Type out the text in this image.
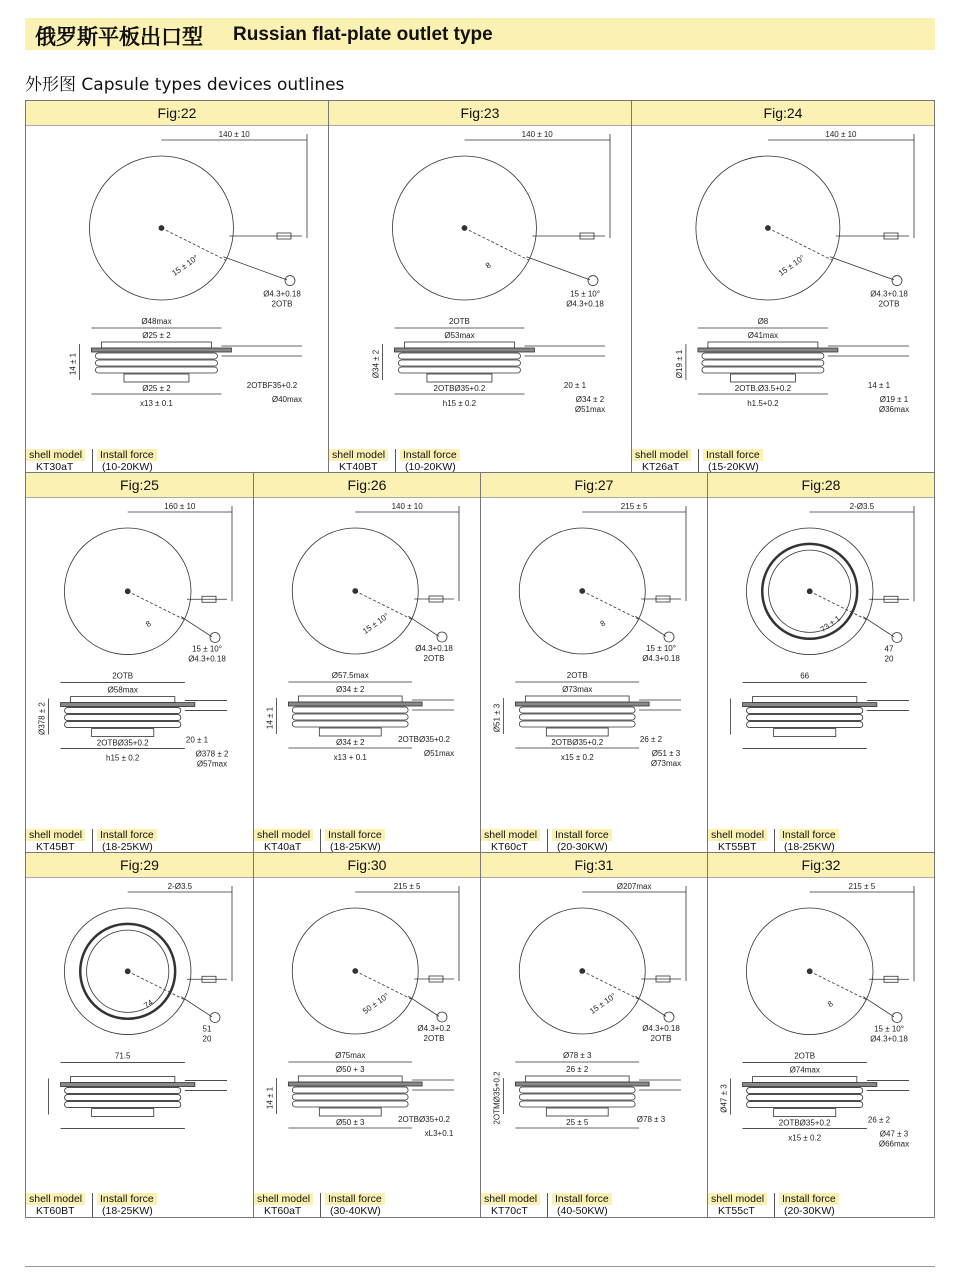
俄罗斯平板出口型 Russian flat-plate outlet type
外形图 Capsule types devices outlines
Fig:22
140 ± 10
15 ± 10°
Ø4.3+0.18
2OTB
Ø48max
Ø25 ± 2
14 ± 1
2OTBF35+0.2
Ø25 ± 2
Ø40max
x13 ± 0.1
shell model
KT30aT
Install force
(10-20KW)
Fig:23
140 ± 10
8
15 ± 10°
Ø4.3+0.18
2OTB
Ø53max
Ø34 ± 2
20 ± 1
2OTBØ35+0.2
Ø34 ± 2
h15 ± 0.2
Ø51max
shell model
KT40BT
Install force
(10-20KW)
Fig:24
140 ± 10
15 ± 10°
Ø4.3+0.18
2OTB
Ø8
Ø41max
Ø19 ± 1
14 ± 1
2OTB.Ø3.5+0.2
Ø19 ± 1
h1.5+0.2
Ø36max
shell model
KT26aT
Install force
(15-20KW)
Fig:25
160 ± 10
8
15 ± 10°
Ø4.3+0.18
2OTB
Ø58max
Ø378 ± 2
20 ± 1
2OTBØ35+0.2
Ø378 ± 2
h15 ± 0.2
Ø57max
shell model
KT45BT
Install force
(18-25KW)
Fig:26
140 ± 10
15 ± 10°
Ø4.3+0.18
2OTB
Ø57.5max
Ø34 ± 2
14 ± 1
2OTBØ35+0.2
Ø34 ± 2
Ø51max
x13 + 0.1
shell model
KT40aT
Install force
(18-25KW)
Fig:27
215 ± 5
8
15 ± 10°
Ø4.3+0.18
2OTB
Ø73max
Ø51 ± 3
26 ± 2
2OTBØ35+0.2
Ø51 ± 3
x15 ± 0.2
Ø73max
shell model
KT60cT
Install force
(20-30KW)
Fig:28
2-Ø3.5
73 ± 1
47
20
66
shell model
KT55BT
Install force
(18-25KW)
Fig:29
2-Ø3.5
74
51
20
71.5
shell model
KT60BT
Install force
(18-25KW)
Fig:30
215 ± 5
50 ± 10°
Ø4.3+0.2
2OTB
Ø75max
Ø50 + 3
14 ± 1
2OTBØ35+0.2
Ø50 ± 3
xL3+0.1
shell model
KT60aT
Install force
(30-40KW)
Fig:31
Ø207max
15 ± 10°
Ø4.3+0.18
2OTB
Ø78 ± 3
26 ± 2
2OTMØ35+0.2	Ø78 ± 3
25 ± 5
shell model
KT70cT
Install force
(40-50KW)
Fig:32
215 ± 5
8
15 ± 10°
Ø4.3+0.18
2OTB
Ø74max
Ø47 ± 3
26 ± 2
2OTBØ35+0.2
Ø47 ± 3
x15 ± 0.2
Ø66max
shell model
KT55cT
Install force
(20-30KW)
